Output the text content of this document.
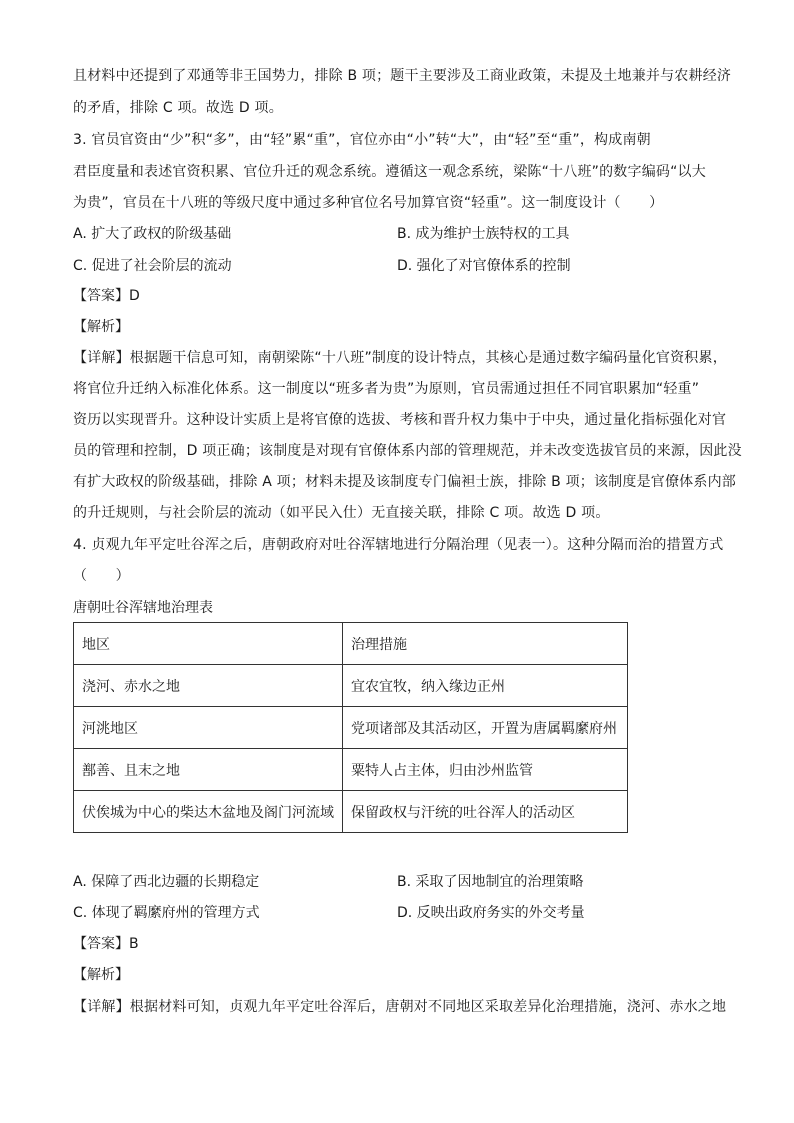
且材料中还提到了邓通等非王国势力，排除 B 项；题干主要涉及工商业政策，未提及土地兼并与农耕经济
的矛盾，排除 C 项。故选 D 项。
3. 官员官资由“少”积“多”，由“轻”累“重”，官位亦由“小”转“大”，由“轻”至“重”，构成南朝
君臣度量和表述官资积累、官位升迁的观念系统。遵循这一观念系统，梁陈“十八班”的数字编码“以大
为贵”，官员在十八班的等级尺度中通过多种官位名号加算官资“轻重”。这一制度设计（　　）
A. 扩大了政权的阶级基础	B. 成为维护士族特权的工具
C. 促进了社会阶层的流动	D. 强化了对官僚体系的控制
【答案】D
【解析】
【详解】根据题干信息可知，南朝梁陈“十八班”制度的设计特点，其核心是通过数字编码量化官资积累，
将官位升迁纳入标准化体系。这一制度以“班多者为贵”为原则，官员需通过担任不同官职累加“轻重”
资历以实现晋升。这种设计实质上是将官僚的选拔、考核和晋升权力集中于中央，通过量化指标强化对官
员的管理和控制，D 项正确；该制度是对现有官僚体系内部的管理规范，并未改变选拔官员的来源，因此没
有扩大政权的阶级基础，排除 A 项；材料未提及该制度专门偏袒士族，排除 B 项；该制度是官僚体系内部
的升迁规则，与社会阶层的流动（如平民入仕）无直接关联，排除 C 项。故选 D 项。
4. 贞观九年平定吐谷浑之后，唐朝政府对吐谷浑辖地进行分隔治理（见表一）。这种分隔而治的措置方式
（　　）
唐朝吐谷浑辖地治理表
地区	治理措施
浇河、赤水之地	宜农宜牧，纳入缘边正州
河洮地区	党项诸部及其活动区，开置为唐属羁縻府州
鄯善、且末之地	粟特人占主体，归由沙州监管
伏俟城为中心的柴达木盆地及阁门河流域	保留政权与汗统的吐谷浑人的活动区
A. 保障了西北边疆的长期稳定	B. 采取了因地制宜的治理策略
C. 体现了羁縻府州的管理方式	D. 反映出政府务实的外交考量
【答案】B
【解析】
【详解】根据材料可知，贞观九年平定吐谷浑后，唐朝对不同地区采取差异化治理措施，浇河、赤水之地
